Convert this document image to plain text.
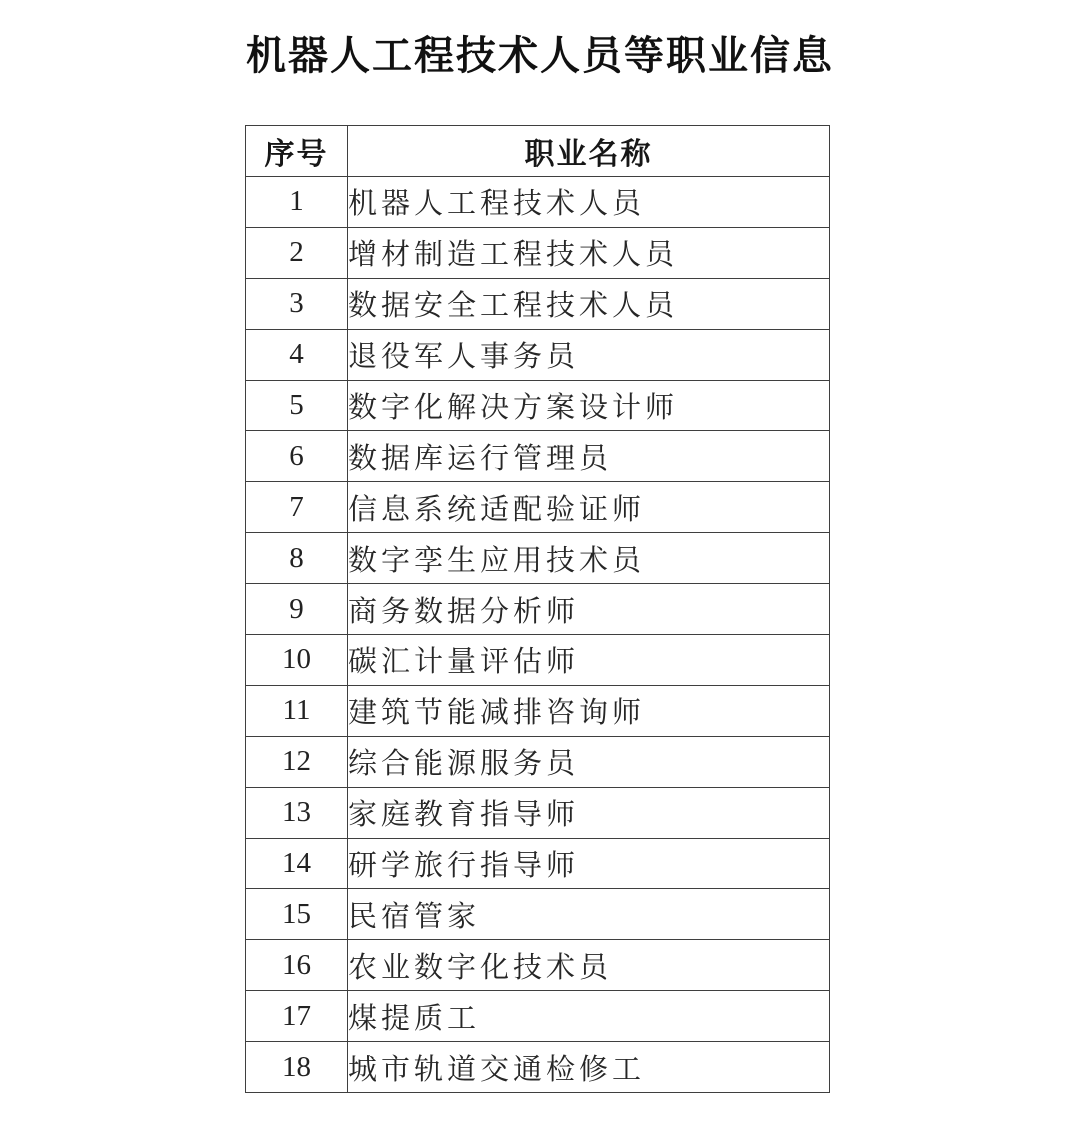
机器人工程技术人员等职业信息
序号	职业名称
1	机器人工程技术人员
2	增材制造工程技术人员
3	数据安全工程技术人员
4	退役军人事务员
5	数字化解决方案设计师
6	数据库运行管理员
7	信息系统适配验证师
8	数字孪生应用技术员
9	商务数据分析师
10	碳汇计量评估师
11	建筑节能减排咨询师
12	综合能源服务员
13	家庭教育指导师
14	研学旅行指导师
15	民宿管家
16	农业数字化技术员
17	煤提质工
18	城市轨道交通检修工
